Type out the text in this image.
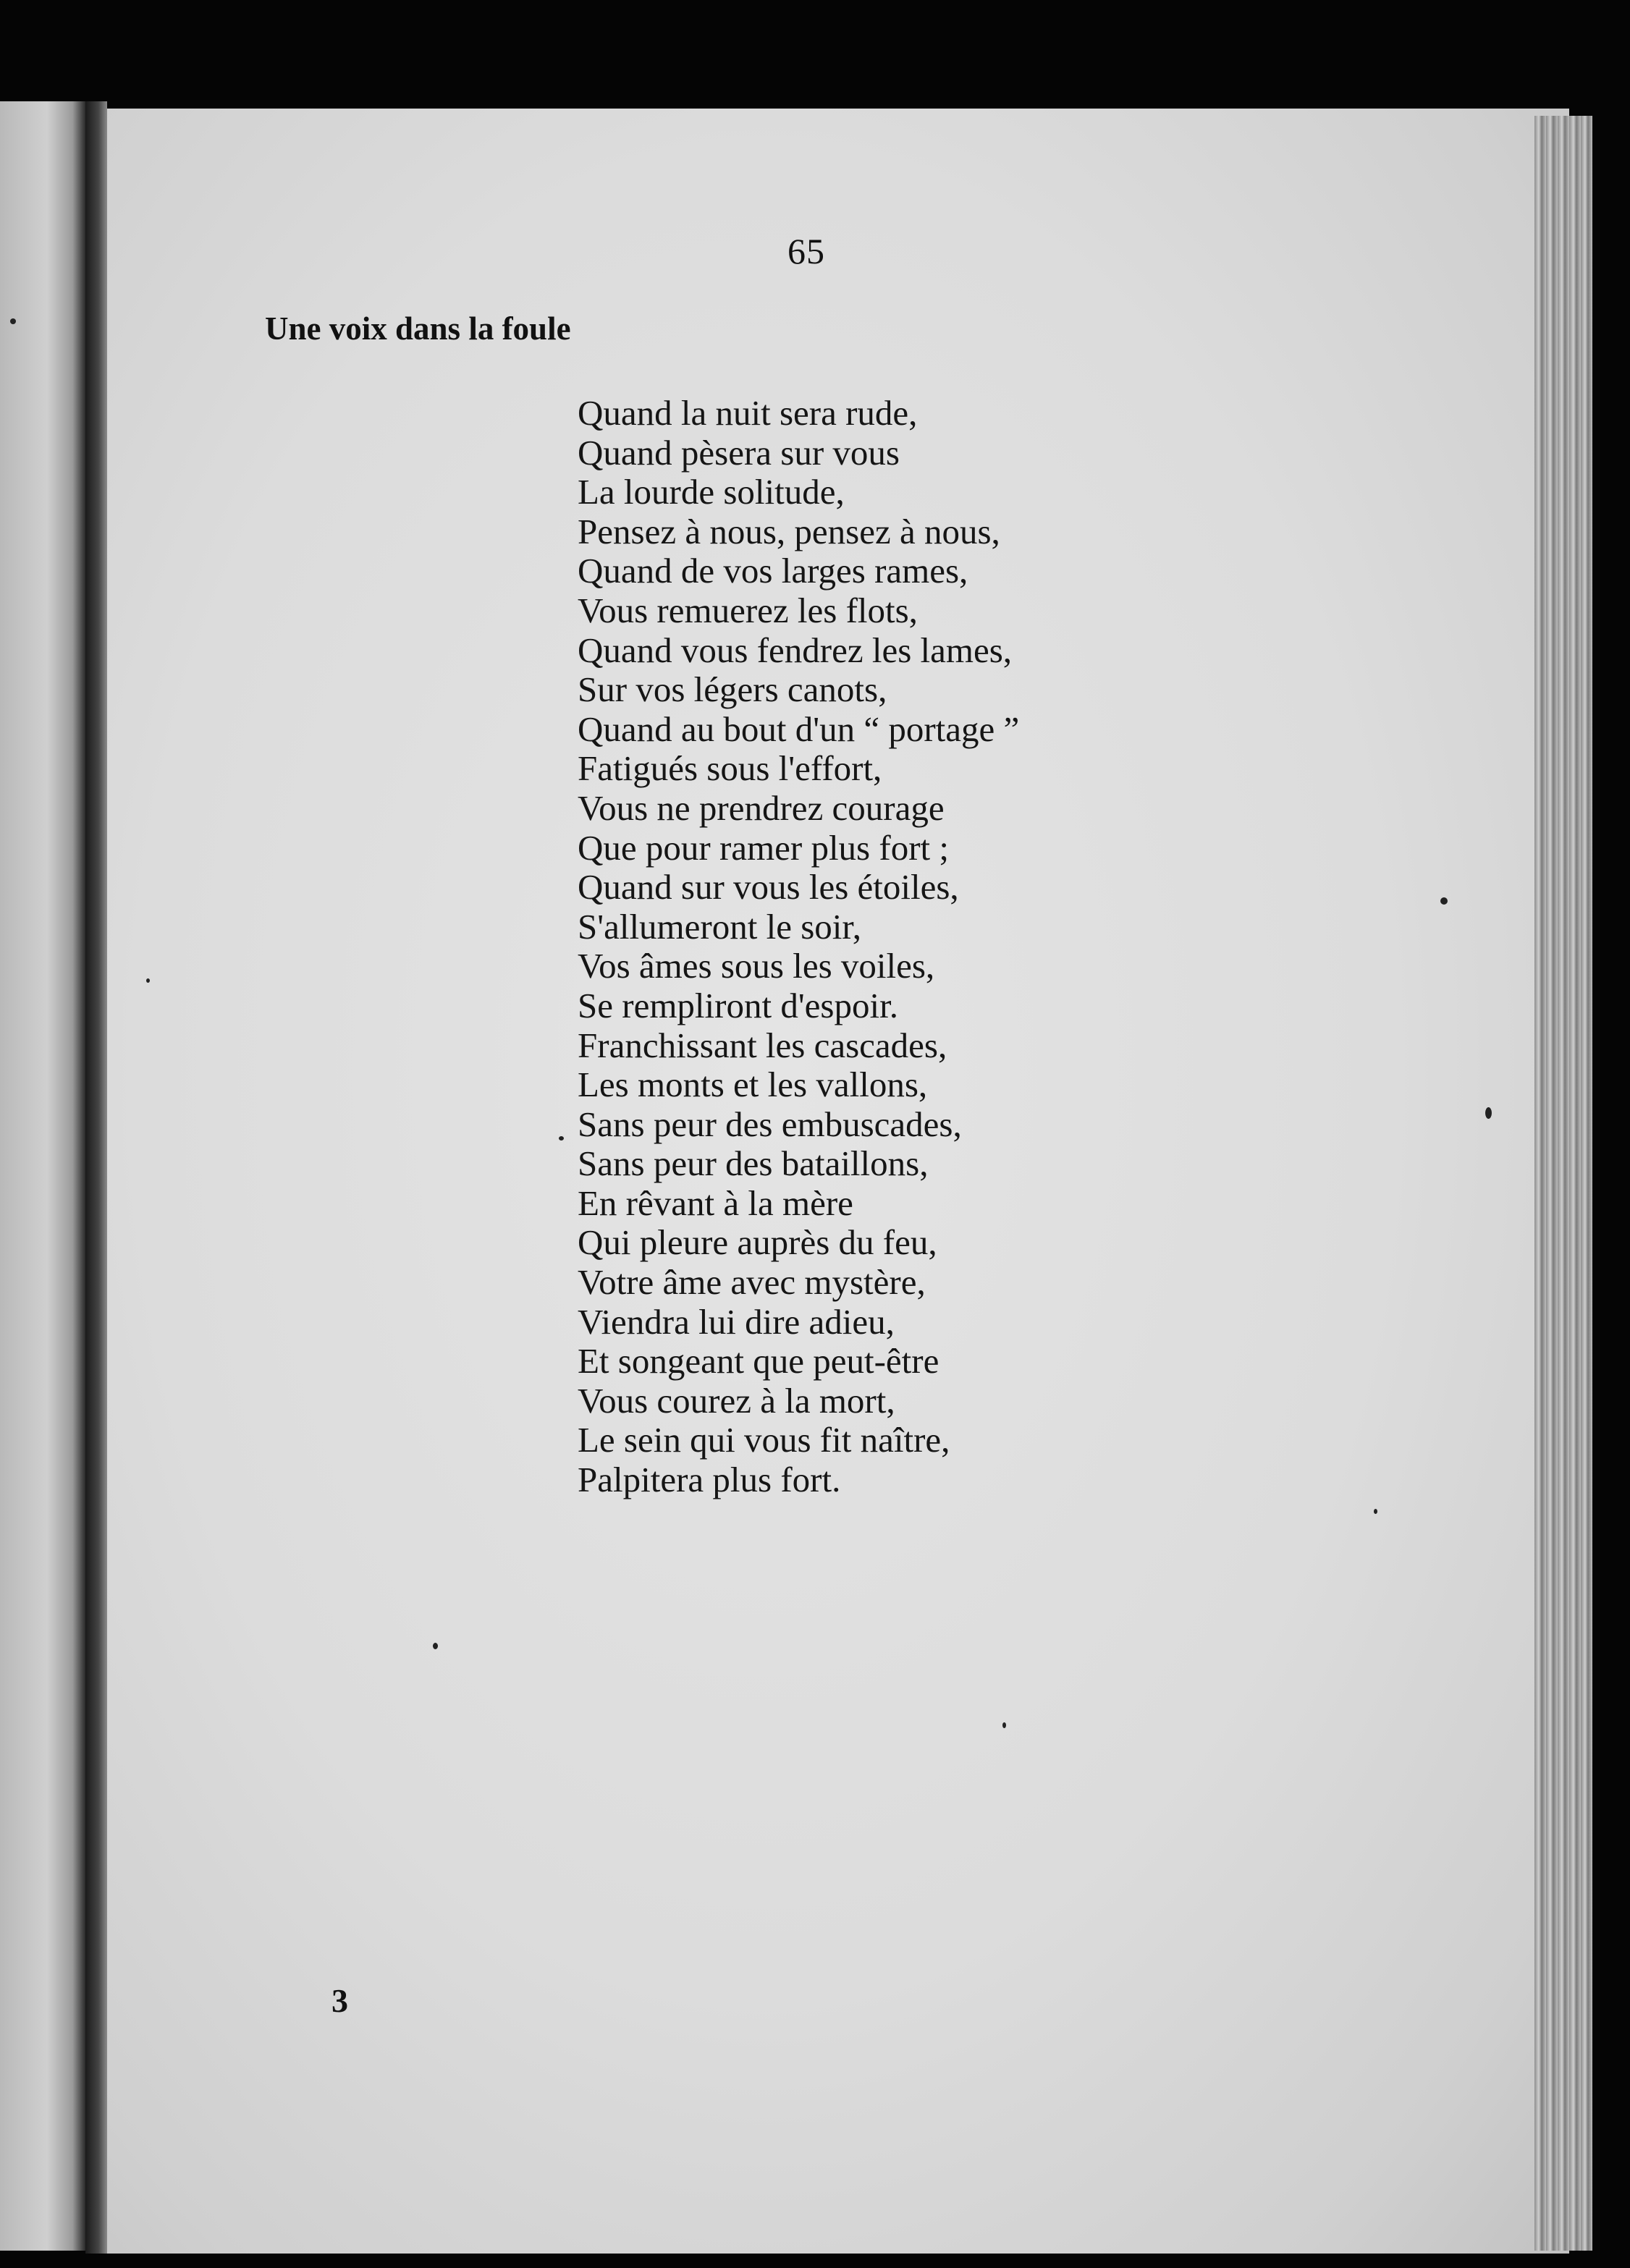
65
Une voix dans la foule
Quand la nuit sera rude,
Quand pèsera sur vous
La lourde solitude,
Pensez à nous, pensez à nous,
Quand de vos larges rames,
Vous remuerez les flots,
Quand vous fendrez les lames,
Sur vos légers canots,
Quand au bout d'un “ portage ”
Fatigués sous l'effort,
Vous ne prendrez courage
Que pour ramer plus fort ;
Quand sur vous les étoiles,
S'allumeront le soir,
Vos âmes sous les voiles,
Se rempliront d'espoir.
Franchissant les cascades,
Les monts et les vallons,
Sans peur des embuscades,
Sans peur des bataillons,
En rêvant à la mère
Qui pleure auprès du feu,
Votre âme avec mystère,
Viendra lui dire adieu,
Et songeant que peut-être
Vous courez à la mort,
Le sein qui vous fit naître,
Palpitera plus fort.
3
